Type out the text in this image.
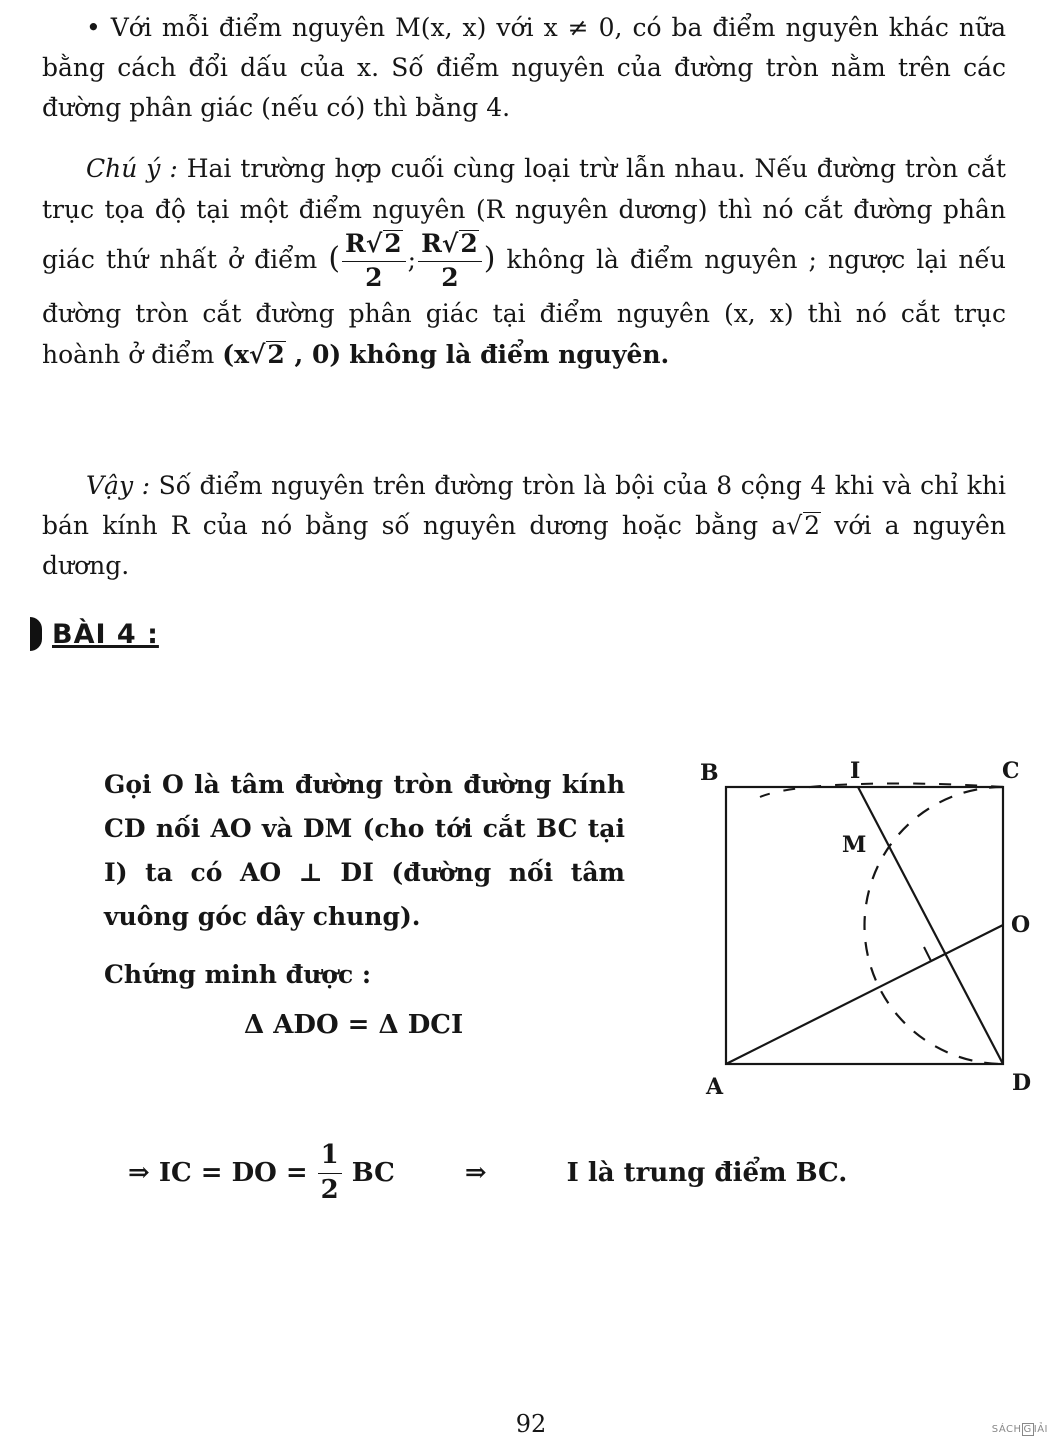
• Với mỗi điểm nguyên M(x, x) với x ≠ 0, có ba điểm nguyên khác nữa bằng cách đổi dấu của x. Số điểm nguyên của đường tròn nằm trên các đường phân giác (nếu có) thì bằng 4.
Chú ý : Hai trường hợp cuối cùng loại trừ lẫn nhau. Nếu đường tròn cắt trục tọa độ tại một điểm nguyên (R nguyên dương) thì nó cắt đường phân giác thứ nhất ở điểm ( $\frac{R√2}{2}$ ; $\frac{R√2}{2}$ ) không là điểm nguyên ; ngược lại nếu đường tròn cắt đường phân giác tại điểm nguyên (x, x) thì nó cắt trục hoành ở điểm (x√2 , 0) không là điểm nguyên.
Vậy : Số điểm nguyên trên đường tròn là bội của 8 cộng 4 khi và chỉ khi bán kính R của nó bằng số nguyên dương hoặc bằng a√2 với a nguyên dương.
BÀI 4 :
Gọi O là tâm đường tròn đường kính CD nối AO và DM (cho tới cắt BC tại I) ta có AO ⊥ DI (đường nối tâm vuông góc dây chung).
Chứng minh được :
Δ ADO = Δ DCI
⇒ IC = DO = $\frac{1}{2}$ BC	⇒	I là trung điểm BC.
B	I	C
M
O
A	D
92	SÁCH G IẢI
